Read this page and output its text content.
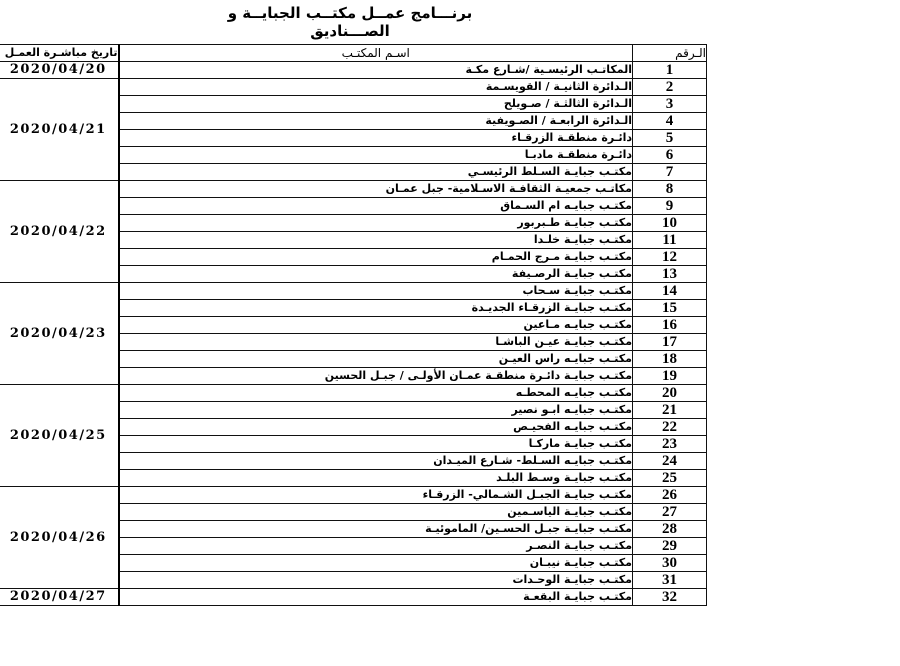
برنـــامج عمــل مكتــب الجبايــة و الصـــناديق
تاريخ مباشـرة العمـل	اسـم المكتـب	الـرقم
2020/04/20	المكاتـب الرئيسـية /شـارع مكـة	1
2020/04/21	الـدائرة الثانيـة / القويسـمة	2
	الـدائرة الثالثـة / صـويلح	3
	الـدائرة الرابعـة / الصـويفية	4
	دائـرة منطقـة الزرقـاء	5
	دائـرة منطقـة مادبـا	6
	مكتـب جبايـة السـلط الرئيسـي	7
2020/04/22	مكاتـب جمعيـة الثقافـة الاسـلامية- جبل عمـان	8
	مكتـب جبايـه ام السـماق	9
	مكتـب جبايـة طـبربور	10
	مكتـب جبايـة خلـدا	11
	مكتـب جبايـة مـرج الحمـام	12
	مكتـب جبايـة الرصـيفة	13
2020/04/23	مكتـب جبايـة سـحاب	14
	مكتـب جبايـة الزرقـاء الجديـدة	15
	مكتـب جبايـه مـاعين	16
	مكتـب جبايـة عيـن الباشـا	17
	مكتـب جبايـه راس العيـن	18
	مكتـب جبايـة دائـرة منطقـة عمـان الأولـى / جبـل الحسين	19
2020/04/25	مكتـب جبايـه المحطـه	20
	مكتـب جبايـه ابـو نصير	21
	مكتـب جبايـه الفحيـص	22
	مكتـب جبايـة ماركـا	23
	مكتـب جبايـه السـلط- شـارع الميـدان	24
	مكتـب جبايـة وسـط البلـد	25
2020/04/26	مكتـب جبايـة الجبـل الشـمالي- الزرقـاء	26
	مكتـب جبايـة الياسـمين	27
	مكتـب جبايـة جبـل الحسـين/ الماموئيـة	28
	مكتـب جبايـة النصـر	29
	مكتـب جبايـة نيبـان	30
	مكتـب جبايـة الوحـدات	31
2020/04/27	مكتـب جبايـة البقعـة	32
